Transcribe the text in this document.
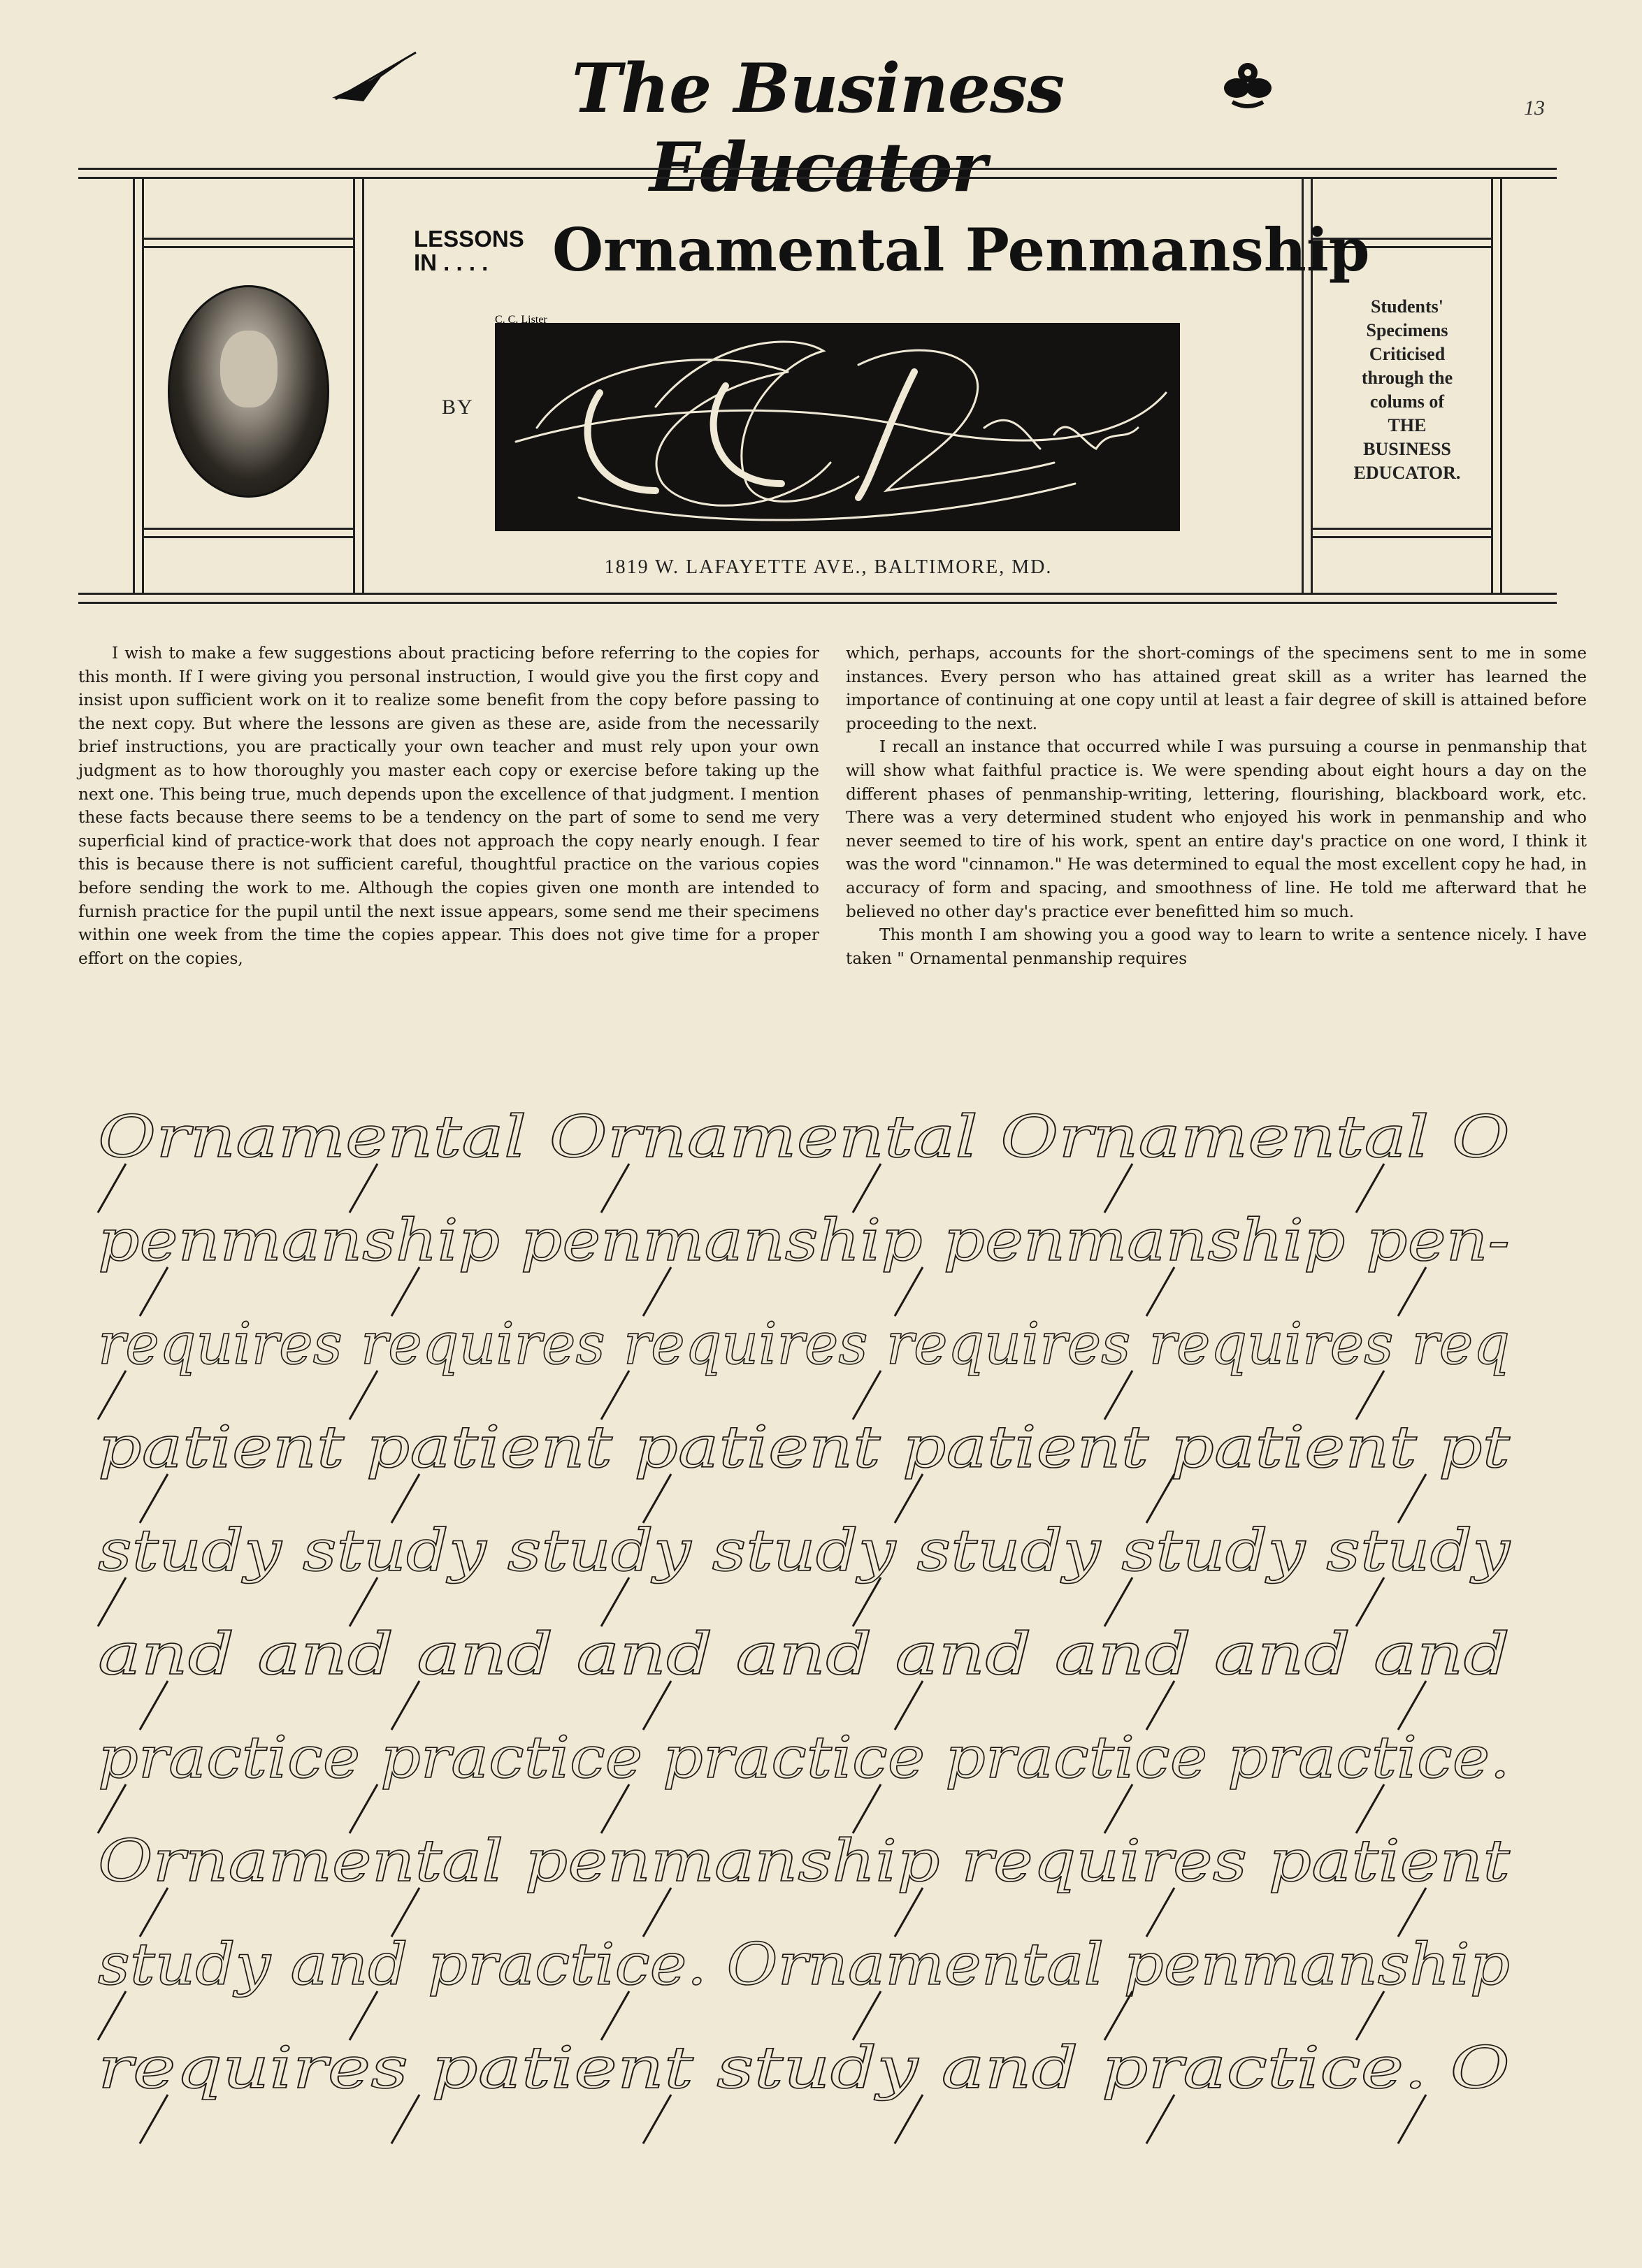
The Business Educator
13
LESSONS
IN . . . .	Ornamental Penmanship
BY
C. C. Lister
1819 W. LAFAYETTE AVE., BALTIMORE, MD.
Students'
Specimens
Criticised
through the
colums of
THE
BUSINESS
EDUCATOR.

I wish to make a few suggestions about practicing before referring to the copies for this month. If I were giving you personal instruction, I would give you the first copy and insist upon sufficient work on it to realize some benefit from the copy before passing to the next copy. But where the lessons are given as these are, aside from the necessarily brief instructions, you are practically your own teacher and must rely upon your own judgment as to how thoroughly you master each copy or exercise before taking up the next one. This being true, much depends upon the excellence of that judgment. I mention these facts because there seems to be a tendency on the part of some to send me very superficial kind of practice-work that does not approach the copy nearly enough. I fear this is because there is not sufficient careful, thoughtful practice on the various copies before sending the work to me. Although the copies given one month are intended to furnish practice for the pupil until the next issue appears, some send me their specimens within one week from the time the copies appear. This does not give time for a proper effort on the copies,

which, perhaps, accounts for the short-comings of the specimens sent to me in some instances. Every person who has attained great skill as a writer has learned the importance of continuing at one copy until at least a fair degree of skill is attained before proceeding to the next.

I recall an instance that occurred while I was pursuing a course in penmanship that will show what faithful practice is. We were spending about eight hours a day on the different phases of penmanship-writing, lettering, flourishing, blackboard work, etc. There was a very determined student who enjoyed his work in penmanship and who never seemed to tire of his work, spent an entire day's practice on one word, I think it was the word "cinnamon." He was determined to equal the most excellent copy he had, in accuracy of form and spacing, and smoothness of line. He told me afterward that he believed no other day's practice ever benefitted him so much.

This month I am showing you a good way to learn to write a sentence nicely. I have taken " Ornamental penmanship requires

Ornamental Ornamental Ornamental O
penmanship penmanship penmanship pen-
requires requires requires requires requires req
patient patient patient patient patient pt
study study study study study study study
and and and and and and and and and
practice practice practice practice practice.
Ornamental penmanship requires patient
study and practice. Ornamental penmanship
requires patient study and practice. O
